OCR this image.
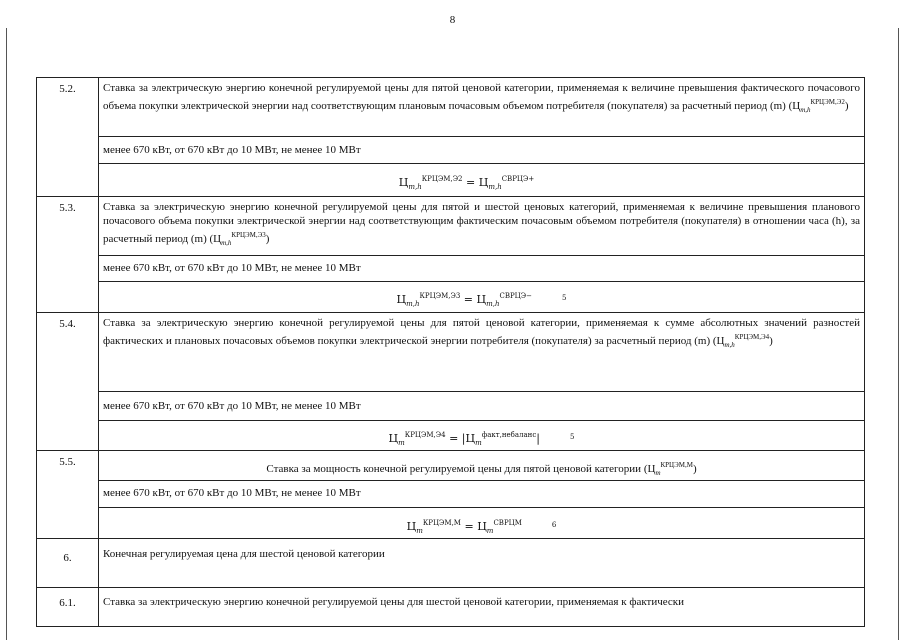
8
5.2.	Ставка за электрическую энергию конечной регулируемой цены для пятой ценовой категории, применяемая к величине превышения фактического почасового объема покупки электрической энергии над соответствующим плановым почасовым объемом потребителя (покупателя) за расчетный период (m) $(Ц_{m,h}^{КРЦЭМ,Э2})$

	менее 670 кВт, от 670 кВт до 10 МВт, не менее 10 МВт

	$Ц_{m,h}^{КРЦЭМ,Э2} = Ц_{m,h}^{СВРЦЭ+}$

5.3.	Ставка за электрическую энергию конечной регулируемой цены для пятой и шестой ценовых категорий, применяемая к величине превышения планового почасового объема покупки электрической энергии над соответствующим фактическим почасовым объемом потребителя (покупателя) в отношении часа (h), за расчетный период (m) $(Ц_{m,h}^{КРЦЭМ,Э3})$

	менее 670 кВт, от 670 кВт до 10 МВт, не менее 10 МВт

	$Ц_{m,h}^{КРЦЭМ,Э3} = Ц_{m,h}^{СВРЦЭ-}$ $^5$

5.4.	Ставка за электрическую энергию конечной регулируемой цены для пятой ценовой категории, применяемая к сумме абсолютных значений разностей фактических и плановых почасовых объемов покупки электрической энергии потребителя (покупателя) за расчетный период (m) $(Ц_{m,h}^{КРЦЭМ,Э4})$

	менее 670 кВт, от 670 кВт до 10 МВт, не менее 10 МВт

	$Ц_m^{КРЦЭМ,Э4} = |Ц_m^{факт,небаланс}|$ $^5$

5.5.	Ставка за мощность конечной регулируемой цены для пятой ценовой категории $(Ц_m^{КРЦЭМ,М})$

	менее 670 кВт, от 670 кВт до 10 МВт, не менее 10 МВт

	$Ц_m^{КРЦЭМ,М} = Ц_m^{СВРЦМ}$ $^6$

6.	Конечная регулируемая цена для шестой ценовой категории

6.1.	Ставка за электрическую энергию конечной регулируемой цены для шестой ценовой категории, применяемая к фактически
